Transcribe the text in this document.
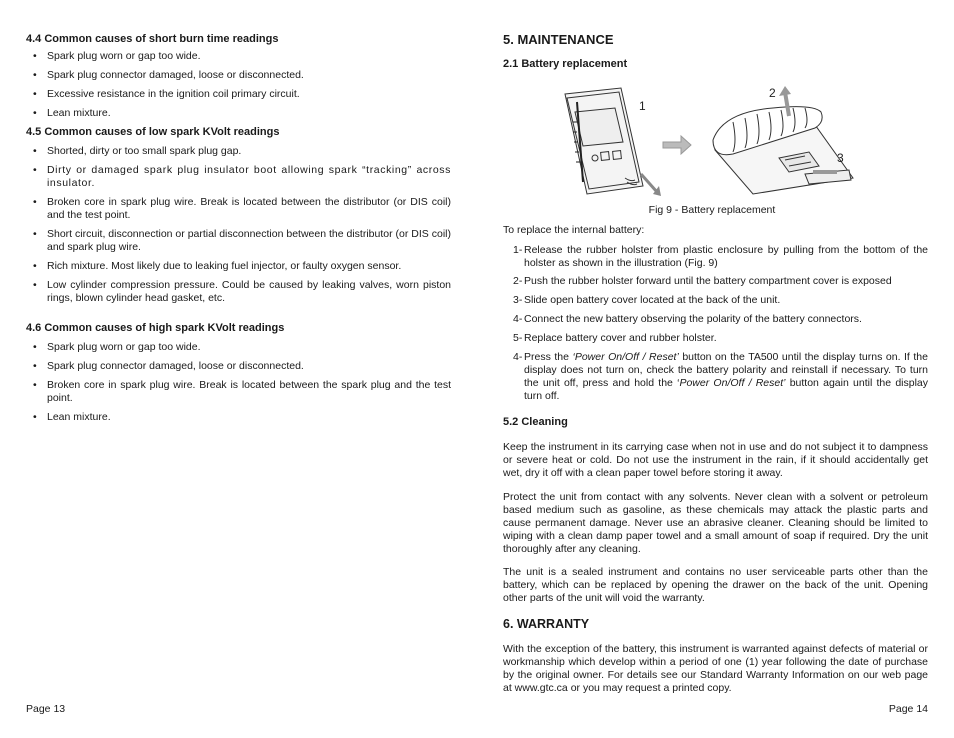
4.4 Common causes of short burn time readings
• Spark plug worn or gap too wide.
• Spark plug connector damaged, loose or disconnected.
• Excessive resistance in the ignition coil primary circuit.
• Lean mixture.
4.5 Common causes of low spark KVolt readings
• Shorted, dirty or too small spark plug gap.
• Dirty or damaged spark plug insulator boot allowing spark “tracking” across insulator.
• Broken core in spark plug wire. Break is located between the distributor (or DIS coil) and the test point.
• Short circuit, disconnection or partial disconnection between the distributor (or DIS coil) and spark plug wire.
• Rich mixture. Most likely due to leaking fuel injector, or faulty oxygen sensor.
• Low cylinder compression pressure. Could be caused by leaking valves, worn piston rings, blown cylinder head gasket, etc.
4.6 Common causes of high spark KVolt readings
• Spark plug worn or gap too wide.
• Spark plug connector damaged, loose or disconnected.
• Broken core in spark plug wire. Break is located between the spark plug and the test point.
• Lean mixture.
Page 13
5. MAINTENANCE
2.1 Battery replacement
1
2
3
Fig 9 - Battery replacement
To replace the internal battery:
1- Release the rubber holster from plastic enclosure by pulling from the bottom of the holster as shown in the illustration (Fig. 9)
2- Push the rubber holster forward until the battery compartment cover is exposed
3- Slide open battery cover located at the back of the unit.
4- Connect the new battery observing the polarity of the battery connectors.
5- Replace battery cover and rubber holster.
4- Press the ‘Power On/Off / Reset’ button on the TA500 until the display turns on. If the display does not turn on, check the battery polarity and reinstall if necessary. To turn the unit off, press and hold the ‘Power On/Off / Reset’ button again until the display turn off.
5.2 Cleaning
Keep the instrument in its carrying case when not in use and do not subject it to dampness or severe heat or cold. Do not use the instrument in the rain, if it should accidentally get wet, dry it off with a clean paper towel before storing it away.
Protect the unit from contact with any solvents. Never clean with a solvent or petroleum based medium such as gasoline, as these chemicals may attack the plastic parts and cause permanent damage. Never use an abrasive cleaner. Cleaning should be limited to wiping with a clean damp paper towel and a small amount of soap if required. Dry the unit thoroughly after any cleaning.
The unit is a sealed instrument and contains no user serviceable parts other than the battery, which can be replaced by opening the drawer on the back of the unit. Opening other parts of the unit will void the warranty.
6. WARRANTY
With the exception of the battery, this instrument is warranted against defects of material or workmanship which develop within a period of one (1) year following the date of purchase by the original owner. For details see our Standard Warranty Information on our web page at www.gtc.ca or you may request a printed copy.
Page 14
